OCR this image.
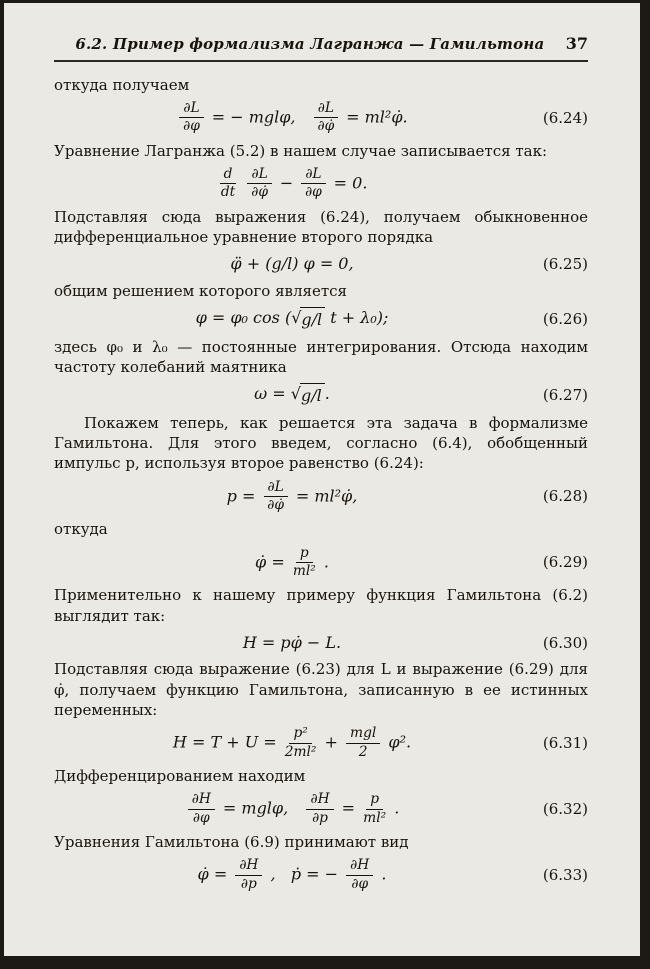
6.2. Пример формализма Лагранжа — Гамильтона	37

откуда получаем

$\frac{\partial L}{\partial\varphi}$ = − mglφ, $\frac{\partial L}{\partial\varphi̇}$ = ml²φ̇.	(6.24)

Уравнение Лагранжа (5.2) в нашем случае записывается так:

$\frac{d}{dt}$
$\frac{\partial L}{\partial\varphi̇} - \frac{\partial L}{\partial\varphi} = 0$.

Подставляя сюда выражения (6.24), получаем обыкновенное дифференциальное уравнение второго порядка

φ̈ + (g/l) φ = 0,	(6.25)

общим решением которого является

φ = φ₀ cos ( √ g/l t + λ₀);	(6.26)

здесь φ₀ и λ₀ — постоянные интегрирования. Отсюда находим частоту колебаний маятника

ω = √ g/l .	(6.27)

Покажем теперь, как решается эта задача в формализме Гамильтона. Для этого введем, согласно (6.4), обобщенный импульс p, используя второе равенство (6.24):

$p = \frac{\partial L}{\partial\varphi̇}$ = ml²φ̇,	(6.28)

откуда

φ̇ = $\frac{p}{\text{ml²}}$ .	(6.29)

Применительно к нашему примеру функция Гамильтона (6.2) выглядит так:

H = pφ̇ − L.	(6.30)

Подставляя сюда выражение (6.23) для L и выражение (6.29) для φ̇, получаем функцию Гамильтона, записанную в ее истинных переменных:

$H = T + U = \frac{\text{p²}}{\text{2ml²}} + \frac{\text{mgl}}{2} \varphi^2$.	(6.31)

Дифференцированием находим

$\frac{\partial H}{\partial\varphi} = mgl\varphi$, $\frac{\partial H}{\partial p} = \frac{p}{\text{ml²}}$ .	(6.32)

Уравнения Гамильтона (6.9) принимают вид

φ̇ = $\frac{\partial H}{\partial p}$ ,   ṗ = − $\frac{\partial H}{\partial\varphi}$ .	(6.33)
